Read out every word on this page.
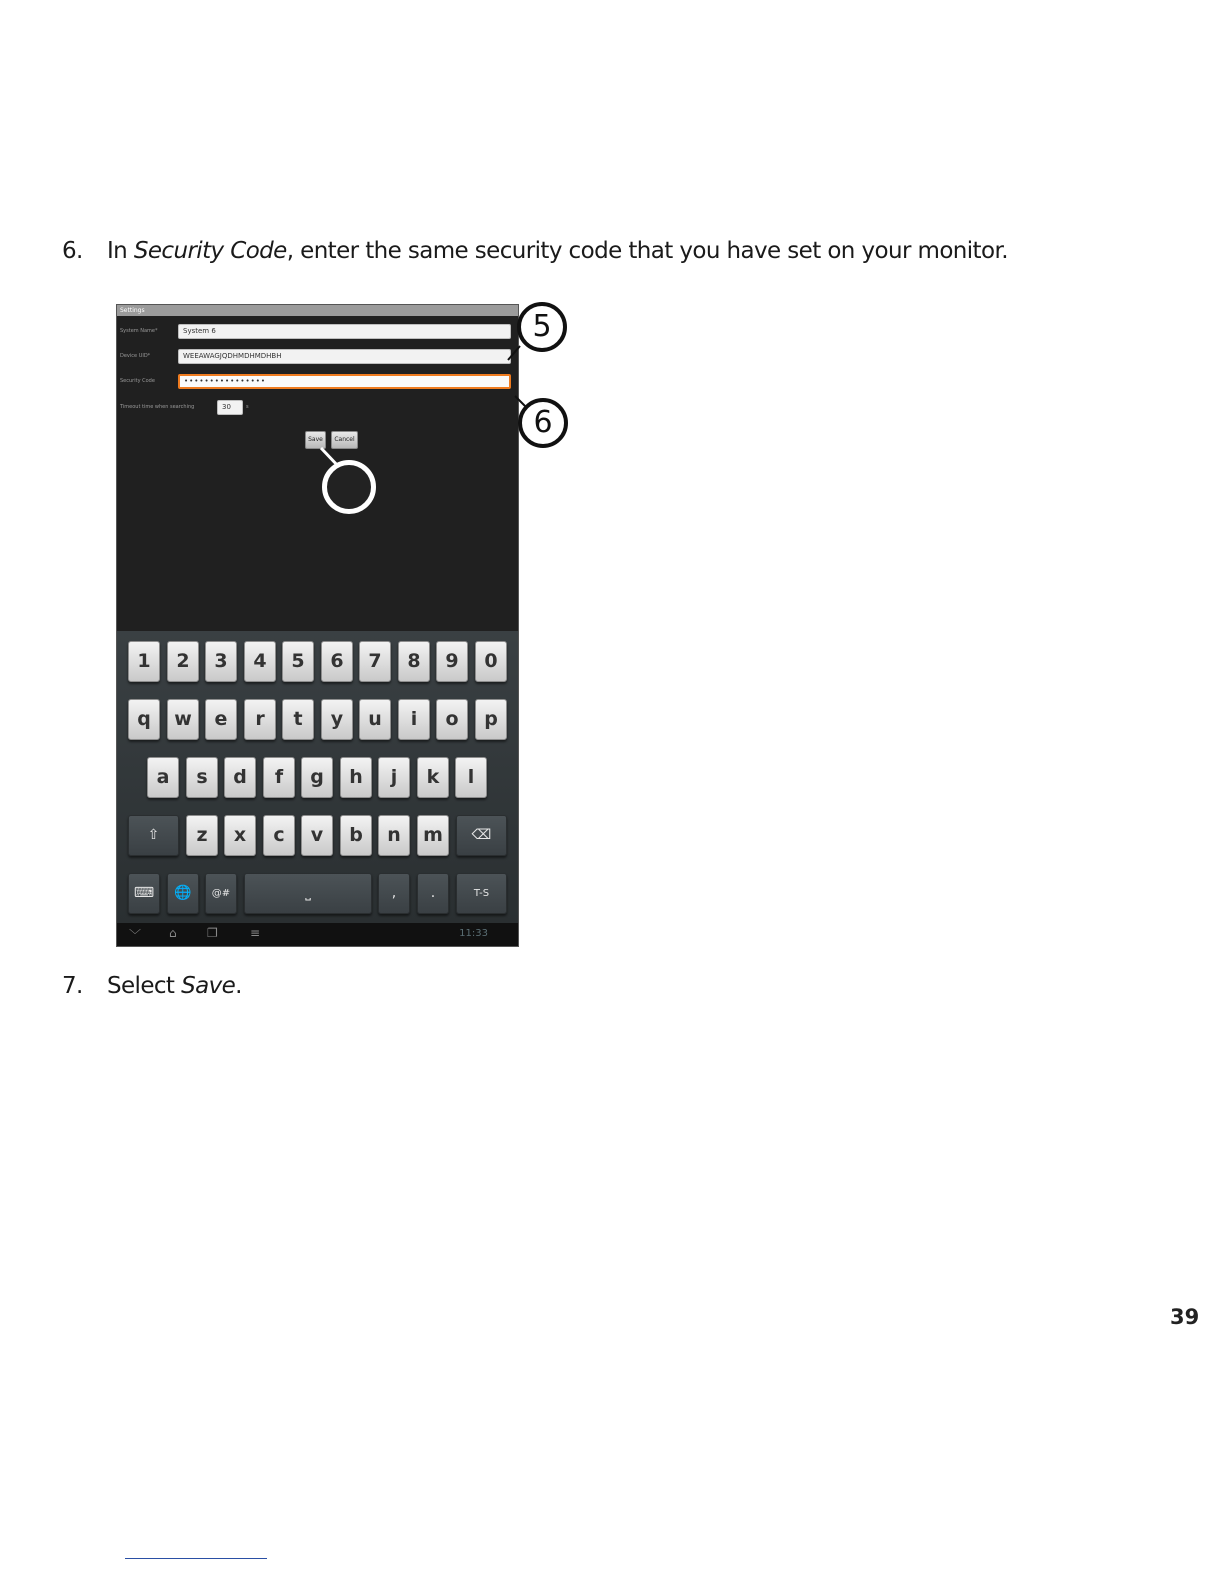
6. In Security Code, enter the same security code that you have set on your monitor.
Settings
System Name*	System 6
Device UID*	WEEAWAGJQDHMDHMDHBH
Security Code	••••••••••••••••
Timeout time when searching	30	s
Save	Cancel
1	2	3	4	5	6	7	8	9	0
q	w	e	r	t	y	u	i	o	p
a	s	d	f	g	h	j	k	l
⇧	z	x	c	v	b	n	m	⌫
⌨	🌐	@#	⎵	,	.	T-S
﹀ ⌂	❐	≡	11:33
5
6
7. Select Save.
39
